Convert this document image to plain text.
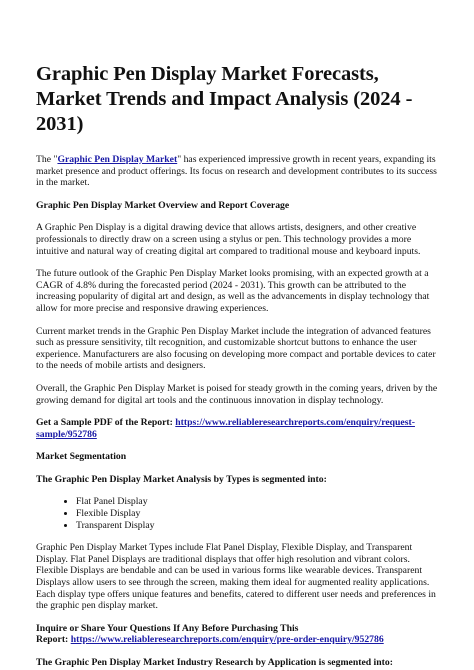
Graphic Pen Display Market Forecasts, Market Trends and Impact Analysis (2024 - 2031)

The "Graphic Pen Display Market" has experienced impressive growth in recent years, expanding its market presence and product offerings. Its focus on research and development contributes to its success in the market.

Graphic Pen Display Market Overview and Report Coverage

A Graphic Pen Display is a digital drawing device that allows artists, designers, and other creative professionals to directly draw on a screen using a stylus or pen. This technology provides a more intuitive and natural way of creating digital art compared to traditional mouse and keyboard inputs.

The future outlook of the Graphic Pen Display Market looks promising, with an expected growth at a CAGR of 4.8% during the forecasted period (2024 - 2031). This growth can be attributed to the increasing popularity of digital art and design, as well as the advancements in display technology that allow for more precise and responsive drawing experiences.

Current market trends in the Graphic Pen Display Market include the integration of advanced features such as pressure sensitivity, tilt recognition, and customizable shortcut buttons to enhance the user experience. Manufacturers are also focusing on developing more compact and portable devices to cater to the needs of mobile artists and designers.

Overall, the Graphic Pen Display Market is poised for steady growth in the coming years, driven by the growing demand for digital art tools and the continuous innovation in display technology.

Get a Sample PDF of the Report: https://www.reliableresearchreports.com/enquiry/request-sample/952786

Market Segmentation
The Graphic Pen Display Market Analysis by Types is segmented into:
• Flat Panel Display
• Flexible Display
• Transparent Display

Graphic Pen Display Market Types include Flat Panel Display, Flexible Display, and Transparent Display. Flat Panel Displays are traditional displays that offer high resolution and vibrant colors. Flexible Displays are bendable and can be used in various forms like wearable devices. Transparent Displays allow users to see through the screen, making them ideal for augmented reality applications. Each display type offers unique features and benefits, catered to different user needs and preferences in the graphic pen display market.

Inquire or Share Your Questions If Any Before Purchasing This
Report: https://www.reliableresearchreports.com/enquiry/pre-order-enquiry/952786

The Graphic Pen Display Market Industry Research by Application is segmented into:
